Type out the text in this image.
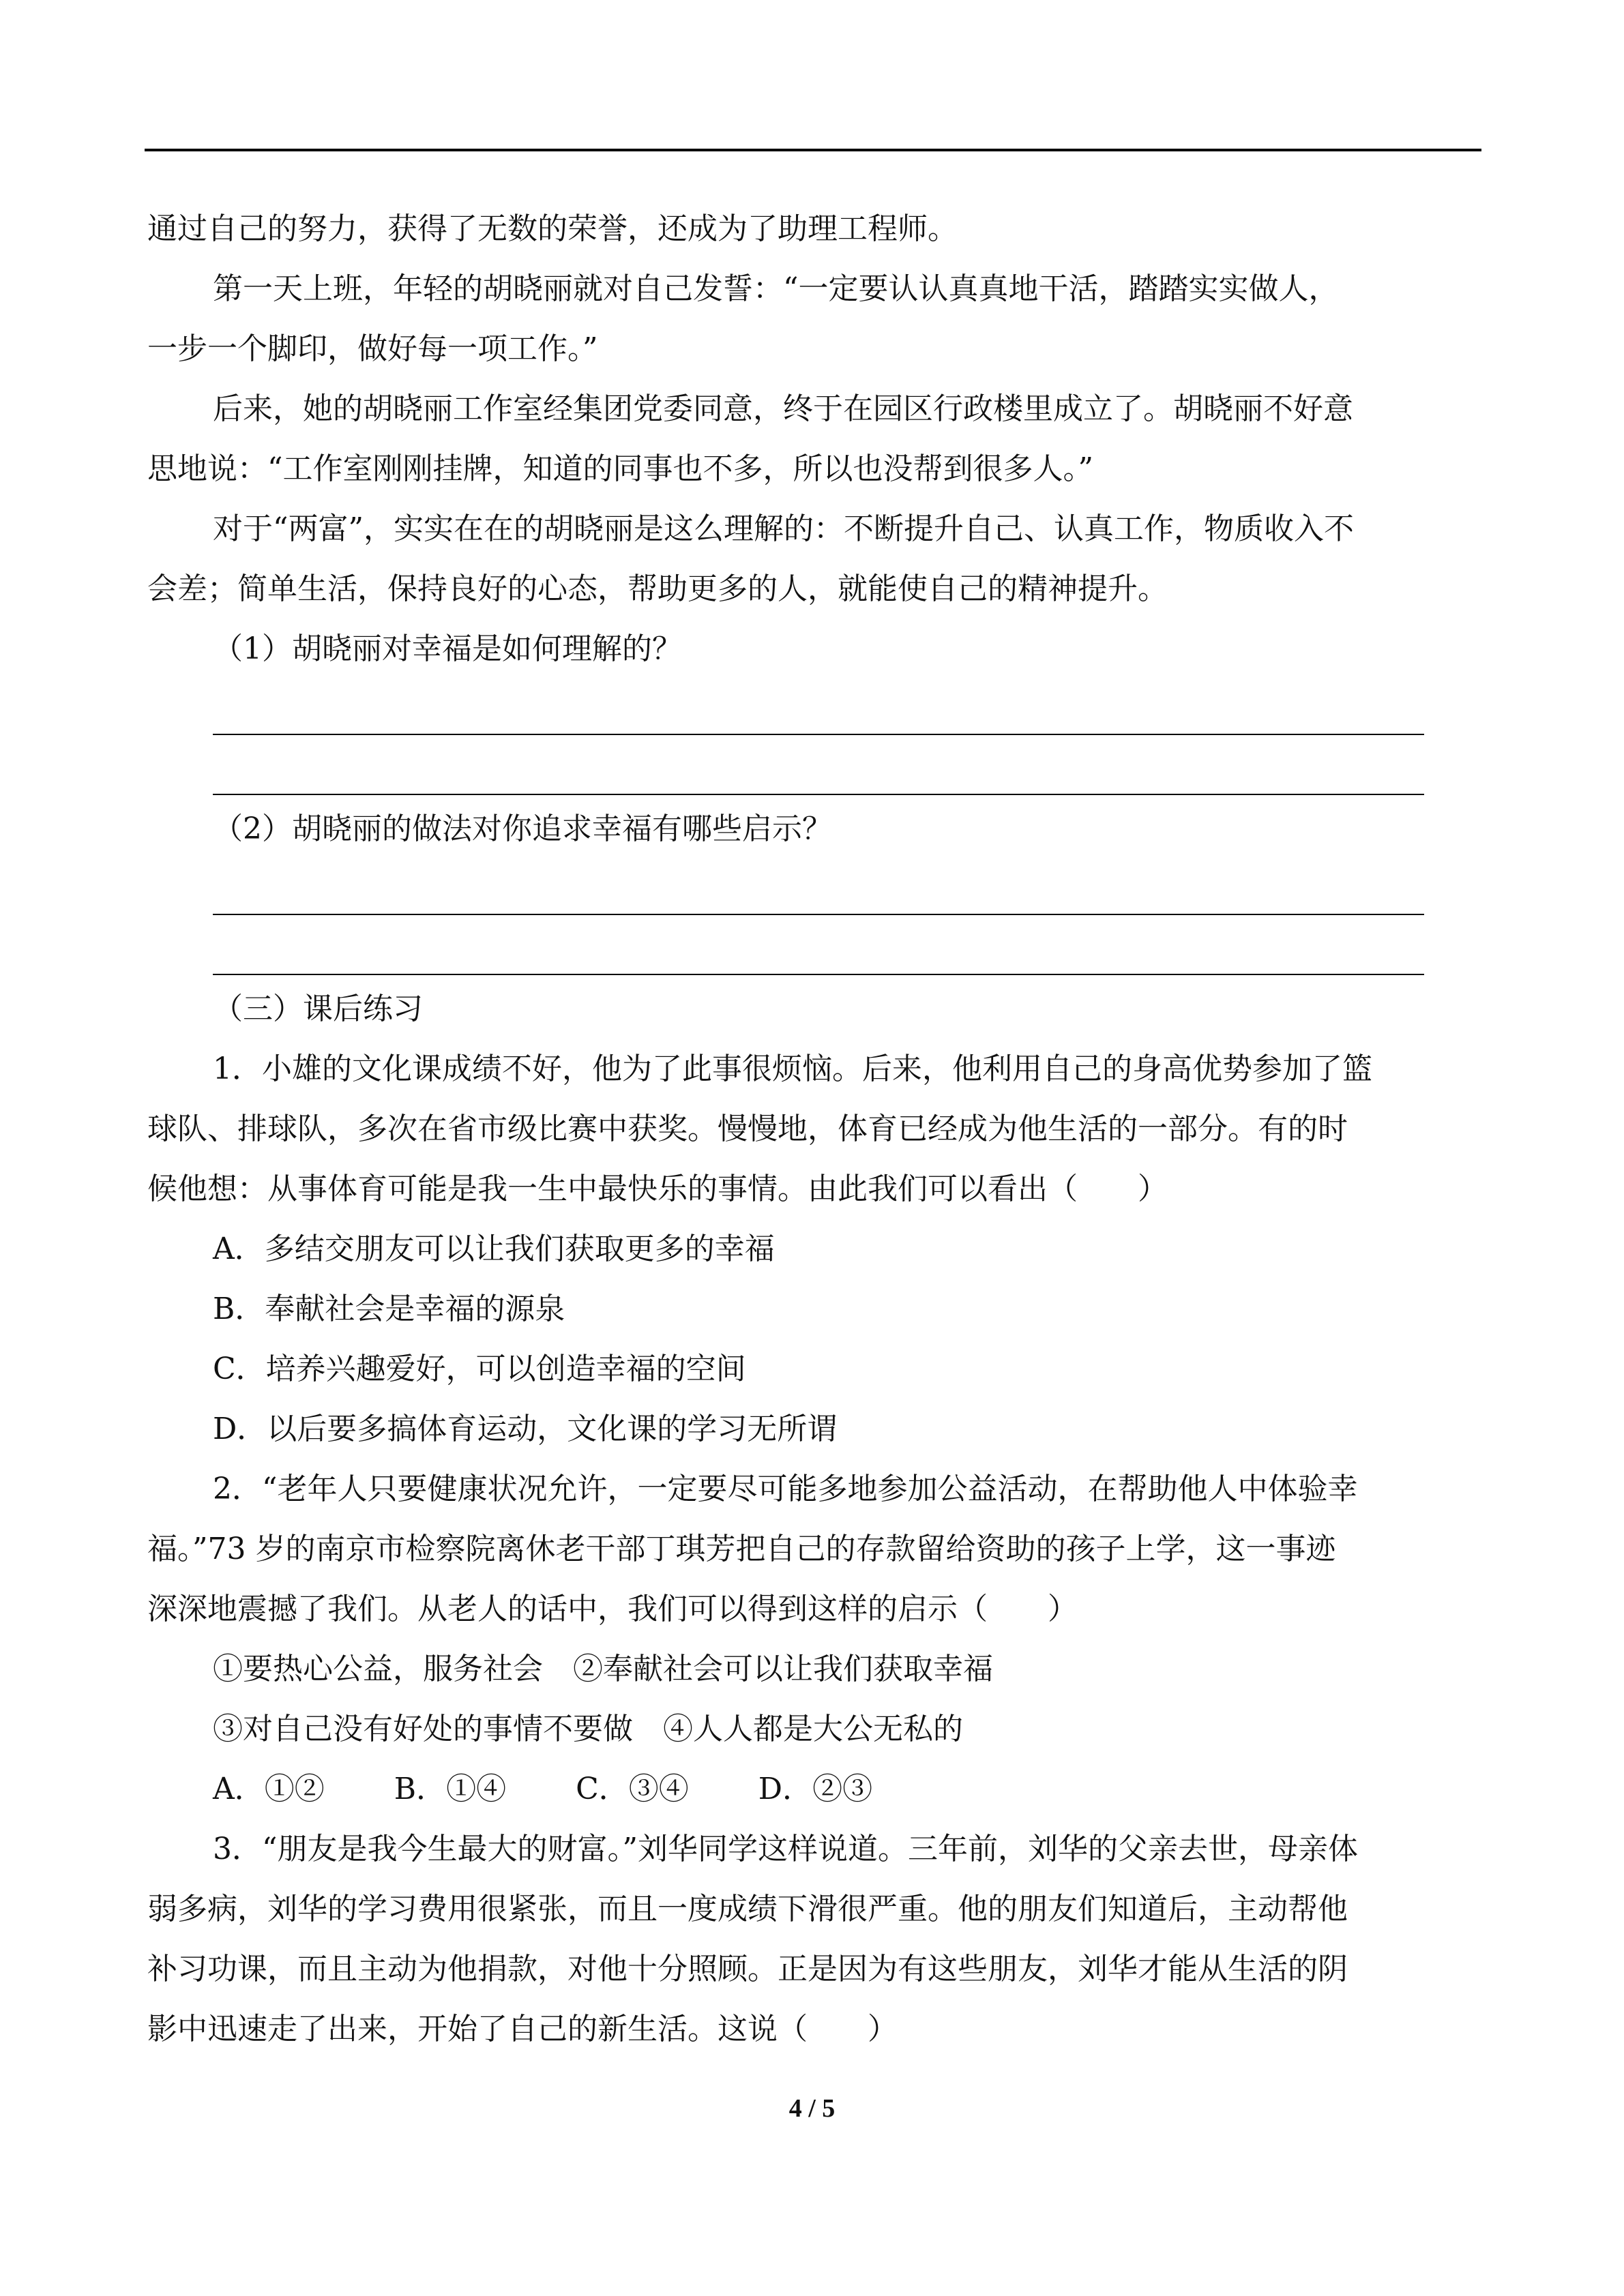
通过自己的努力，获得了无数的荣誉，还成为了助理工程师。

第一天上班，年轻的胡晓丽就对自己发誓：“一定要认认真真地干活，踏踏实实做人，

一步一个脚印，做好每一项工作。”

后来，她的胡晓丽工作室经集团党委同意，终于在园区行政楼里成立了。胡晓丽不好意

思地说：“工作室刚刚挂牌，知道的同事也不多，所以也没帮到很多人。”

对于“两富”，实实在在的胡晓丽是这么理解的：不断提升自己、认真工作，物质收入不

会差；简单生活，保持良好的心态，帮助更多的人，就能使自己的精神提升。

（1）胡晓丽对幸福是如何理解的？

（2）胡晓丽的做法对你追求幸福有哪些启示？

（三）课后练习

1．小雄的文化课成绩不好，他为了此事很烦恼。后来，他利用自己的身高优势参加了篮

球队、排球队，多次在省市级比赛中获奖。慢慢地，体育已经成为他生活的一部分。有的时

候他想：从事体育可能是我一生中最快乐的事情。由此我们可以看出（　　）

A．多结交朋友可以让我们获取更多的幸福

B．奉献社会是幸福的源泉

C．培养兴趣爱好，可以创造幸福的空间

D．以后要多搞体育运动，文化课的学习无所谓

2．“老年人只要健康状况允许，一定要尽可能多地参加公益活动，在帮助他人中体验幸

福。”73 岁的南京市检察院离休老干部丁琪芳把自己的存款留给资助的孩子上学，这一事迹

深深地震撼了我们。从老人的话中，我们可以得到这样的启示（　　）

①要热心公益，服务社会　②奉献社会可以让我们获取幸福

③对自己没有好处的事情不要做　④人人都是大公无私的

A．①② B．①④ C．③④ D．②③

3．“朋友是我今生最大的财富。”刘华同学这样说道。三年前，刘华的父亲去世，母亲体

弱多病，刘华的学习费用很紧张，而且一度成绩下滑很严重。他的朋友们知道后，主动帮他

补习功课，而且主动为他捐款，对他十分照顾。正是因为有这些朋友，刘华才能从生活的阴

影中迅速走了出来，开始了自己的新生活。这说（　　）

4 / 5
